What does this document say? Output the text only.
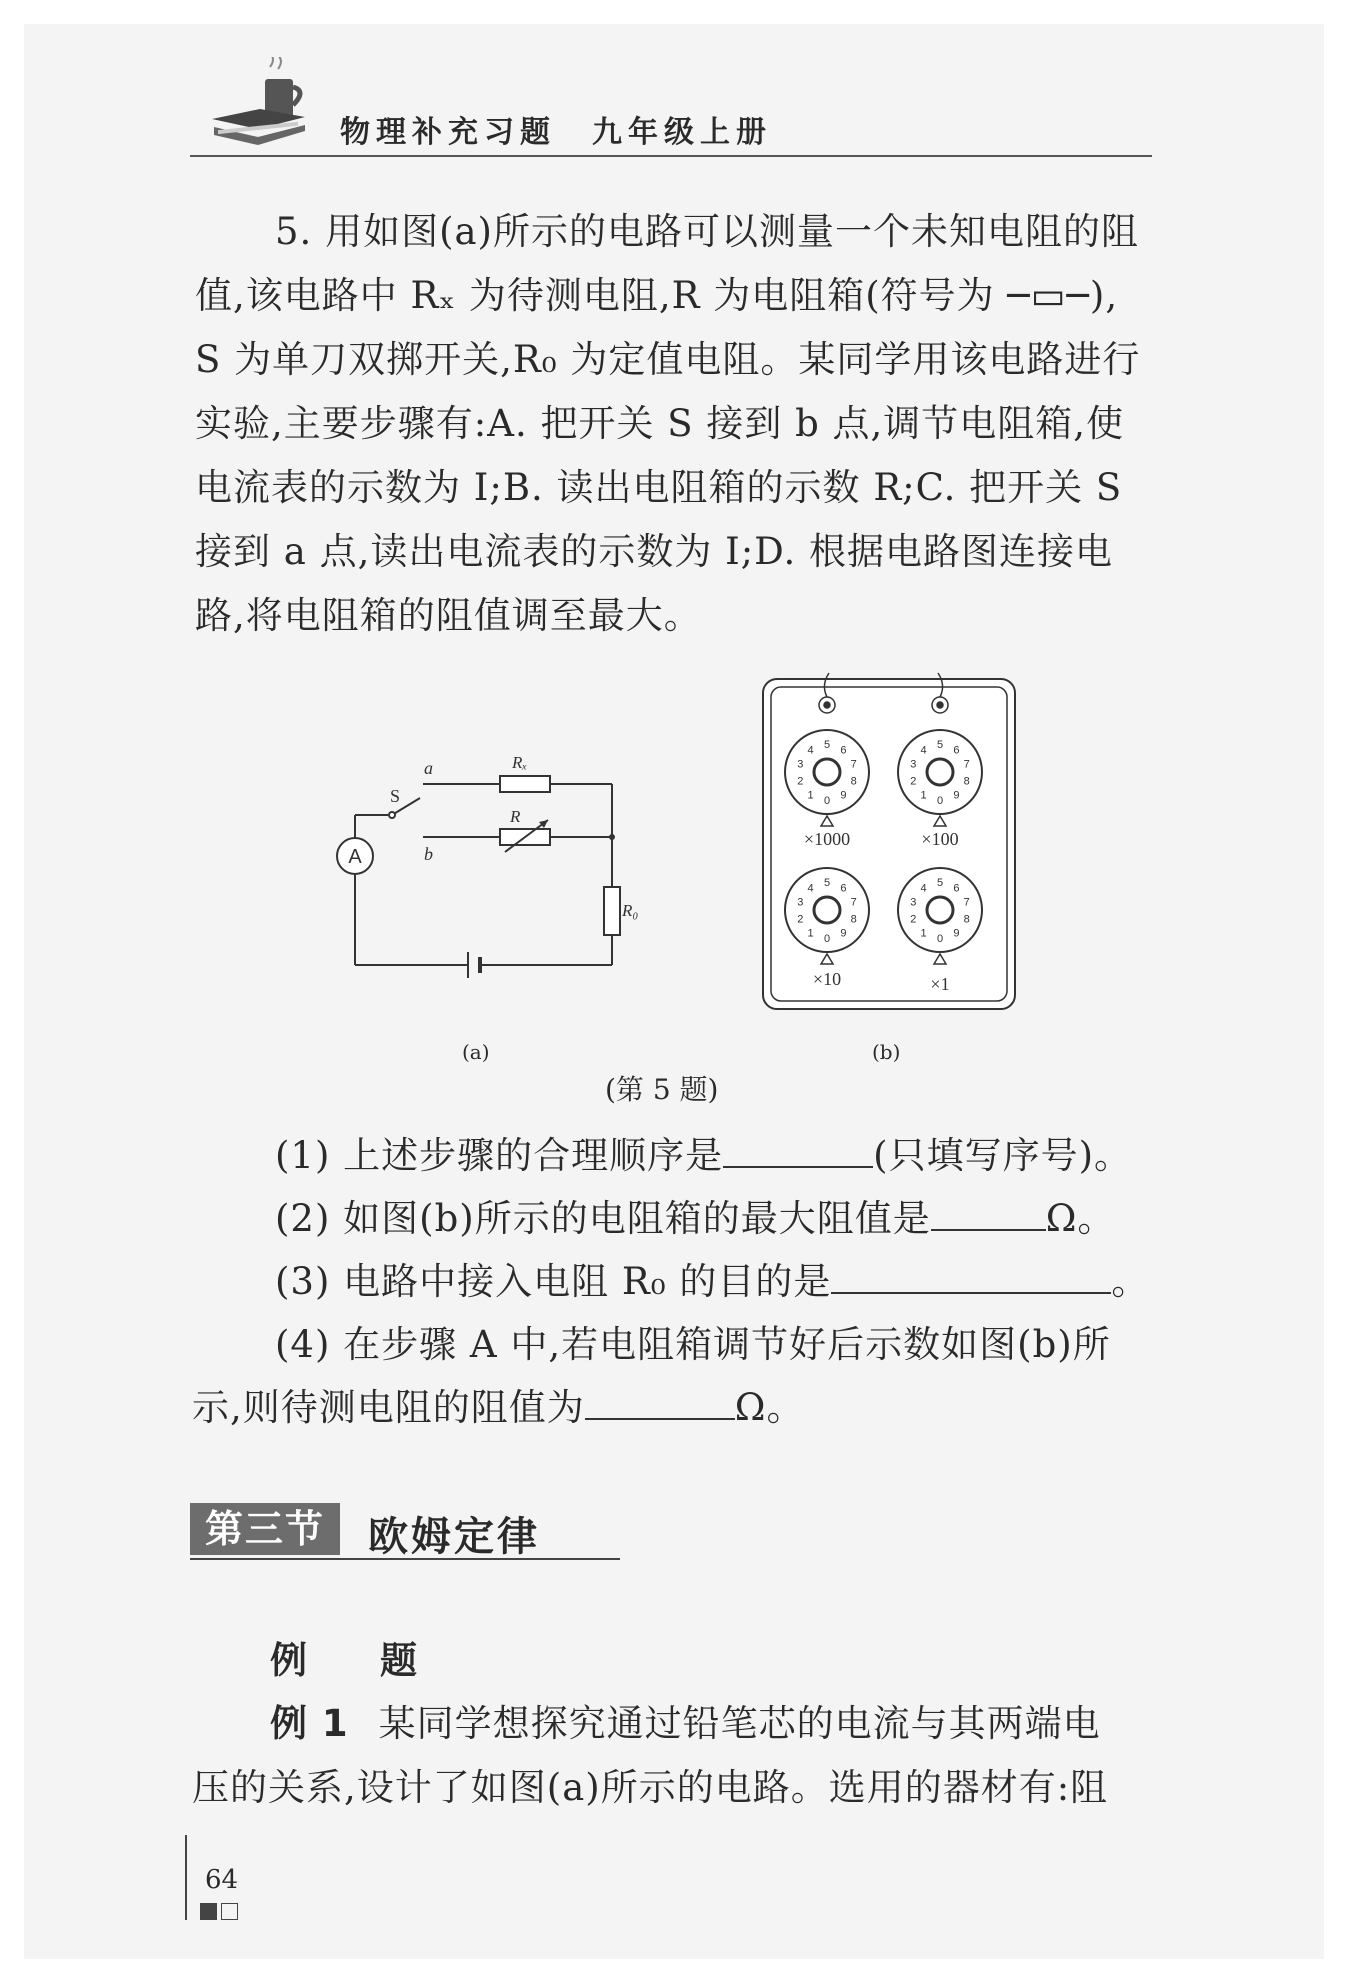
物理补充习题　九年级上册

5. 用如图(a)所示的电路可以测量一个未知电阻的阻

值,该电路中 Rₓ 为待测电阻,R 为电阻箱(符号为 ─▭─),

S 为单刀双掷开关,R₀ 为定值电阻。某同学用该电路进行

实验,主要步骤有:A. 把开关 S 接到 b 点,调节电阻箱,使

电流表的示数为 I;B. 读出电阻箱的示数 R;C. 把开关 S

接到 a 点,读出电流表的示数为 I;D. 根据电路图连接电

路,将电阻箱的阻值调至最大。

A
S
a
b
Rₓ
R
R₀
0
1
2
3
4 5 6
7
8
9	0
1
2
3
4 5 6
7
8
9
0
1
2
3
4 5 6
7
8
9	0
1
2
3
4 5 6
7
8
9
×1000	×100
×10	×1
(a)	(b)
(第 5 题)
(1) 上述步骤的合理顺序是	(只填写序号)。
(2) 如图(b)所示的电阻箱的最大阻值是	Ω。
(3) 电路中接入电阻 R₀ 的目的是	。
(4) 在步骤 A 中,若电阻箱调节好后示数如图(b)所
示,则待测电阻的阻值为	Ω。
第三节	欧姆定律
例　题
例 1 某同学想探究通过铅笔芯的电流与其两端电
压的关系,设计了如图(a)所示的电路。选用的器材有:阻
64
